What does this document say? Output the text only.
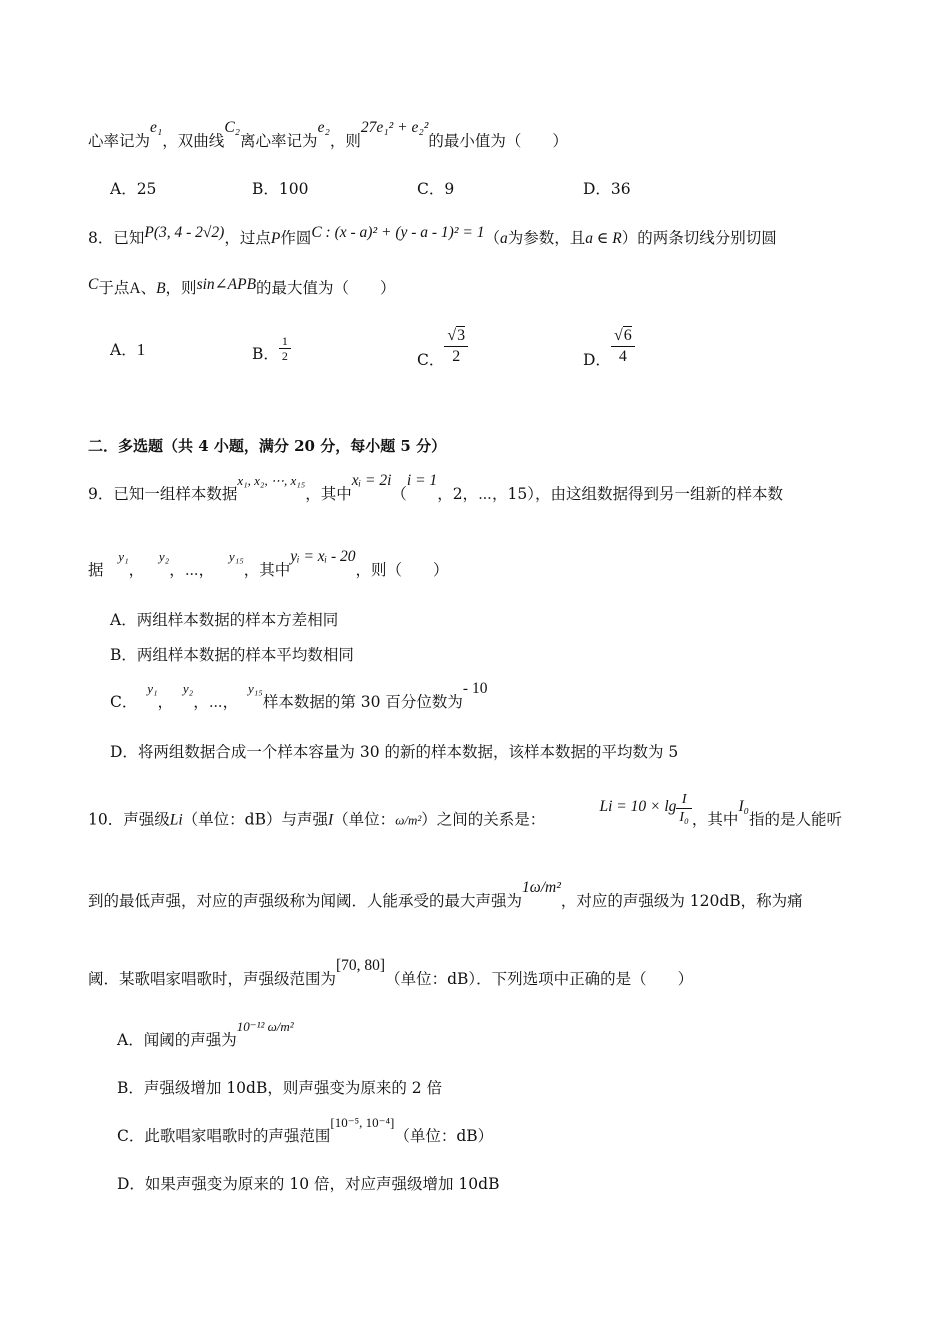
心率记为e₁，双曲线C₂离心率记为e₂，则27e₁² + e₂²的最小值为（　　）
A．25	B．100	C．9	D．36
8．已知P(3, 4 - 2√2)，过点P作圆C : (x - a)² + (y - a - 1)² = 1（a为参数，且a ∈ R）的两条切线分别切圆
C于点A、B，则sin∠APB的最大值为（　　）
A．1	B． $\frac{1}{2}$	C． $\frac{√3}{2}$	D． $\frac{√6}{4}$
二．多选题（共 4 小题，满分 20 分，每小题 5 分）
9．已知一组样本数据$^{x_1, x_2, \cdots, x_{15}}$，其中xᵢ = 2i（i = 1，2，⋯，15），由这组数据得到另一组新的样本数
据   $^{y_1}$，   $^{y_2}$，⋯，   $^{y_{15}}$，其中yᵢ = xᵢ - 20，则（　　）
A．两组样本数据的样本方差相同
B．两组样本数据的样本平均数相同
C．  $^{y_1}$，  $^{y_2}$，⋯，  $^{y_{15}}$样本数据的第 30 百分位数为- 10
D．将两组数据合成一个样本容量为 30 的新的样本数据，该样本数据的平均数为 5
10．声强级Li（单位：dB）与声强I（单位：ω/m²）之间的关系是：           $Li = 10 \times \lg \frac{I}{\text{I₀}}$ ，其中I₀指的是人能听
到的最低声强，对应的声强级称为闻阈．人能承受的最大声强为1ω/m²，对应的声强级为 120dB，称为痛
阈．某歌唱家唱歌时，声强级范围为[70, 80]（单位：dB）．下列选项中正确的是（　　）
A．闻阈的声强为$^{10^{-12} \omega/m^2}$
B．声强级增加 10dB，则声强变为原来的 2 倍
C．此歌唱家唱歌时的声强范围[10⁻⁵, 10⁻⁴]（单位：dB）
D．如果声强变为原来的 10 倍，对应声强级增加 10dB
